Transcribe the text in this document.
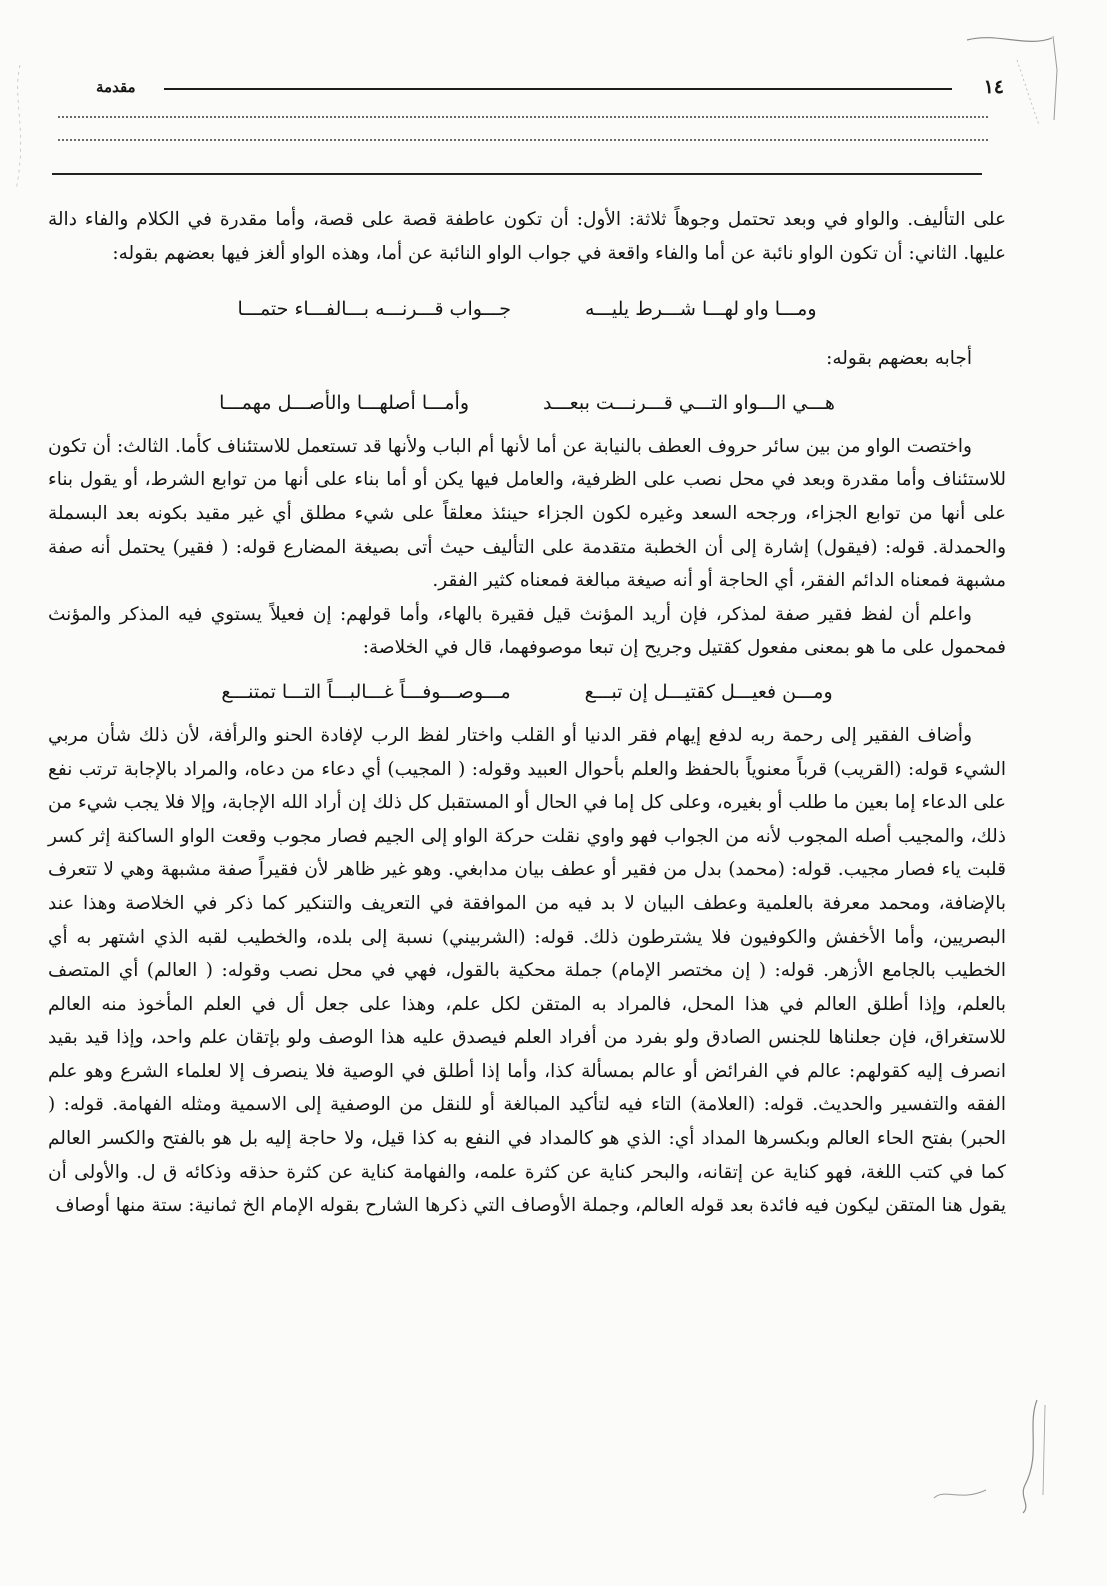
١٤
مقدمة

على التأليف. والواو في وبعد تحتمل وجوهاً ثلاثة: الأول: أن تكون عاطفة قصة على قصة، وأما مقدرة في الكلام والفاء دالة عليها. الثاني: أن تكون الواو نائبة عن أما والفاء واقعة في جواب الواو النائبة عن أما، وهذه الواو ألغز فيها بعضهم بقوله:

ومـــا واو لهـــا شـــرط يليـــه
جـــواب قـــرنـــه بـــالفـــاء حتمـــا

أجابه بعضهم بقوله:

هـــي الـــواو التـــي قـــرنـــت ببعـــد
وأمـــا أصلهـــا والأصـــل مهمـــا

واختصت الواو من بين سائر حروف العطف بالنيابة عن أما لأنها أم الباب ولأنها قد تستعمل للاستئناف كأما. الثالث: أن تكون للاستئناف وأما مقدرة وبعد في محل نصب على الظرفية، والعامل فيها يكن أو أما بناء على أنها من توابع الشرط، أو يقول بناء على أنها من توابع الجزاء، ورجحه السعد وغيره لكون الجزاء حينئذ معلقاً على شيء مطلق أي غير مقيد بكونه بعد البسملة والحمدلة. قوله: (فيقول) إشارة إلى أن الخطبة متقدمة على التأليف حيث أتى بصيغة المضارع قوله: ( فقير) يحتمل أنه صفة مشبهة فمعناه الدائم الفقر، أي الحاجة أو أنه صيغة مبالغة فمعناه كثير الفقر.

واعلم أن لفظ فقير صفة لمذكر، فإن أريد المؤنث قيل فقيرة بالهاء، وأما قولهم: إن فعيلاً يستوي فيه المذكر والمؤنث فمحمول على ما هو بمعنى مفعول كقتيل وجريح إن تبعا موصوفهما، قال في الخلاصة:

ومـــن فعيـــل كقتيـــل إن تبـــع
مـــوصـــوفـــاً غـــالبـــاً التـــا تمتنـــع

وأضاف الفقير إلى رحمة ربه لدفع إيهام فقر الدنيا أو القلب واختار لفظ الرب لإفادة الحنو والرأفة، لأن ذلك شأن مربي الشيء قوله: (القريب) قرباً معنوياً بالحفظ والعلم بأحوال العبيد وقوله: ( المجيب) أي دعاء من دعاه، والمراد بالإجابة ترتب نفع على الدعاء إما بعين ما طلب أو بغيره، وعلى كل إما في الحال أو المستقبل كل ذلك إن أراد الله الإجابة، وإلا فلا يجب شيء من ذلك، والمجيب أصله المجوب لأنه من الجواب فهو واوي نقلت حركة الواو إلى الجيم فصار مجوب وقعت الواو الساكنة إثر كسر قلبت ياء فصار مجيب. قوله: (محمد) بدل من فقير أو عطف بيان مدابغي. وهو غير ظاهر لأن فقيراً صفة مشبهة وهي لا تتعرف بالإضافة، ومحمد معرفة بالعلمية وعطف البيان لا بد فيه من الموافقة في التعريف والتنكير كما ذكر في الخلاصة وهذا عند البصريين، وأما الأخفش والكوفيون فلا يشترطون ذلك. قوله: (الشربيني) نسبة إلى بلده، والخطيب لقبه الذي اشتهر به أي الخطيب بالجامع الأزهر. قوله: ( إن مختصر الإمام) جملة محكية بالقول، فهي في محل نصب وقوله: ( العالم) أي المتصف بالعلم، وإذا أطلق العالم في هذا المحل، فالمراد به المتقن لكل علم، وهذا على جعل أل في العلم المأخوذ منه العالم للاستغراق، فإن جعلناها للجنس الصادق ولو بفرد من أفراد العلم فيصدق عليه هذا الوصف ولو بإتقان علم واحد، وإذا قيد بقيد انصرف إليه كقولهم: عالم في الفرائض أو عالم بمسألة كذا، وأما إذا أطلق في الوصية فلا ينصرف إلا لعلماء الشرع وهو علم الفقه والتفسير والحديث. قوله: (العلامة) التاء فيه لتأكيد المبالغة أو للنقل من الوصفية إلى الاسمية ومثله الفهامة. قوله: ( الحبر) بفتح الحاء العالم وبكسرها المداد أي: الذي هو كالمداد في النفع به كذا قيل، ولا حاجة إليه بل هو بالفتح والكسر العالم كما في كتب اللغة، فهو كناية عن إتقانه، والبحر كناية عن كثرة علمه، والفهامة كناية عن كثرة حذقه وذكائه ق ل. والأولى أن يقول هنا المتقن ليكون فيه فائدة بعد قوله العالم، وجملة الأوصاف التي ذكرها الشارح بقوله الإمام الخ ثمانية: ستة منها أوصاف
